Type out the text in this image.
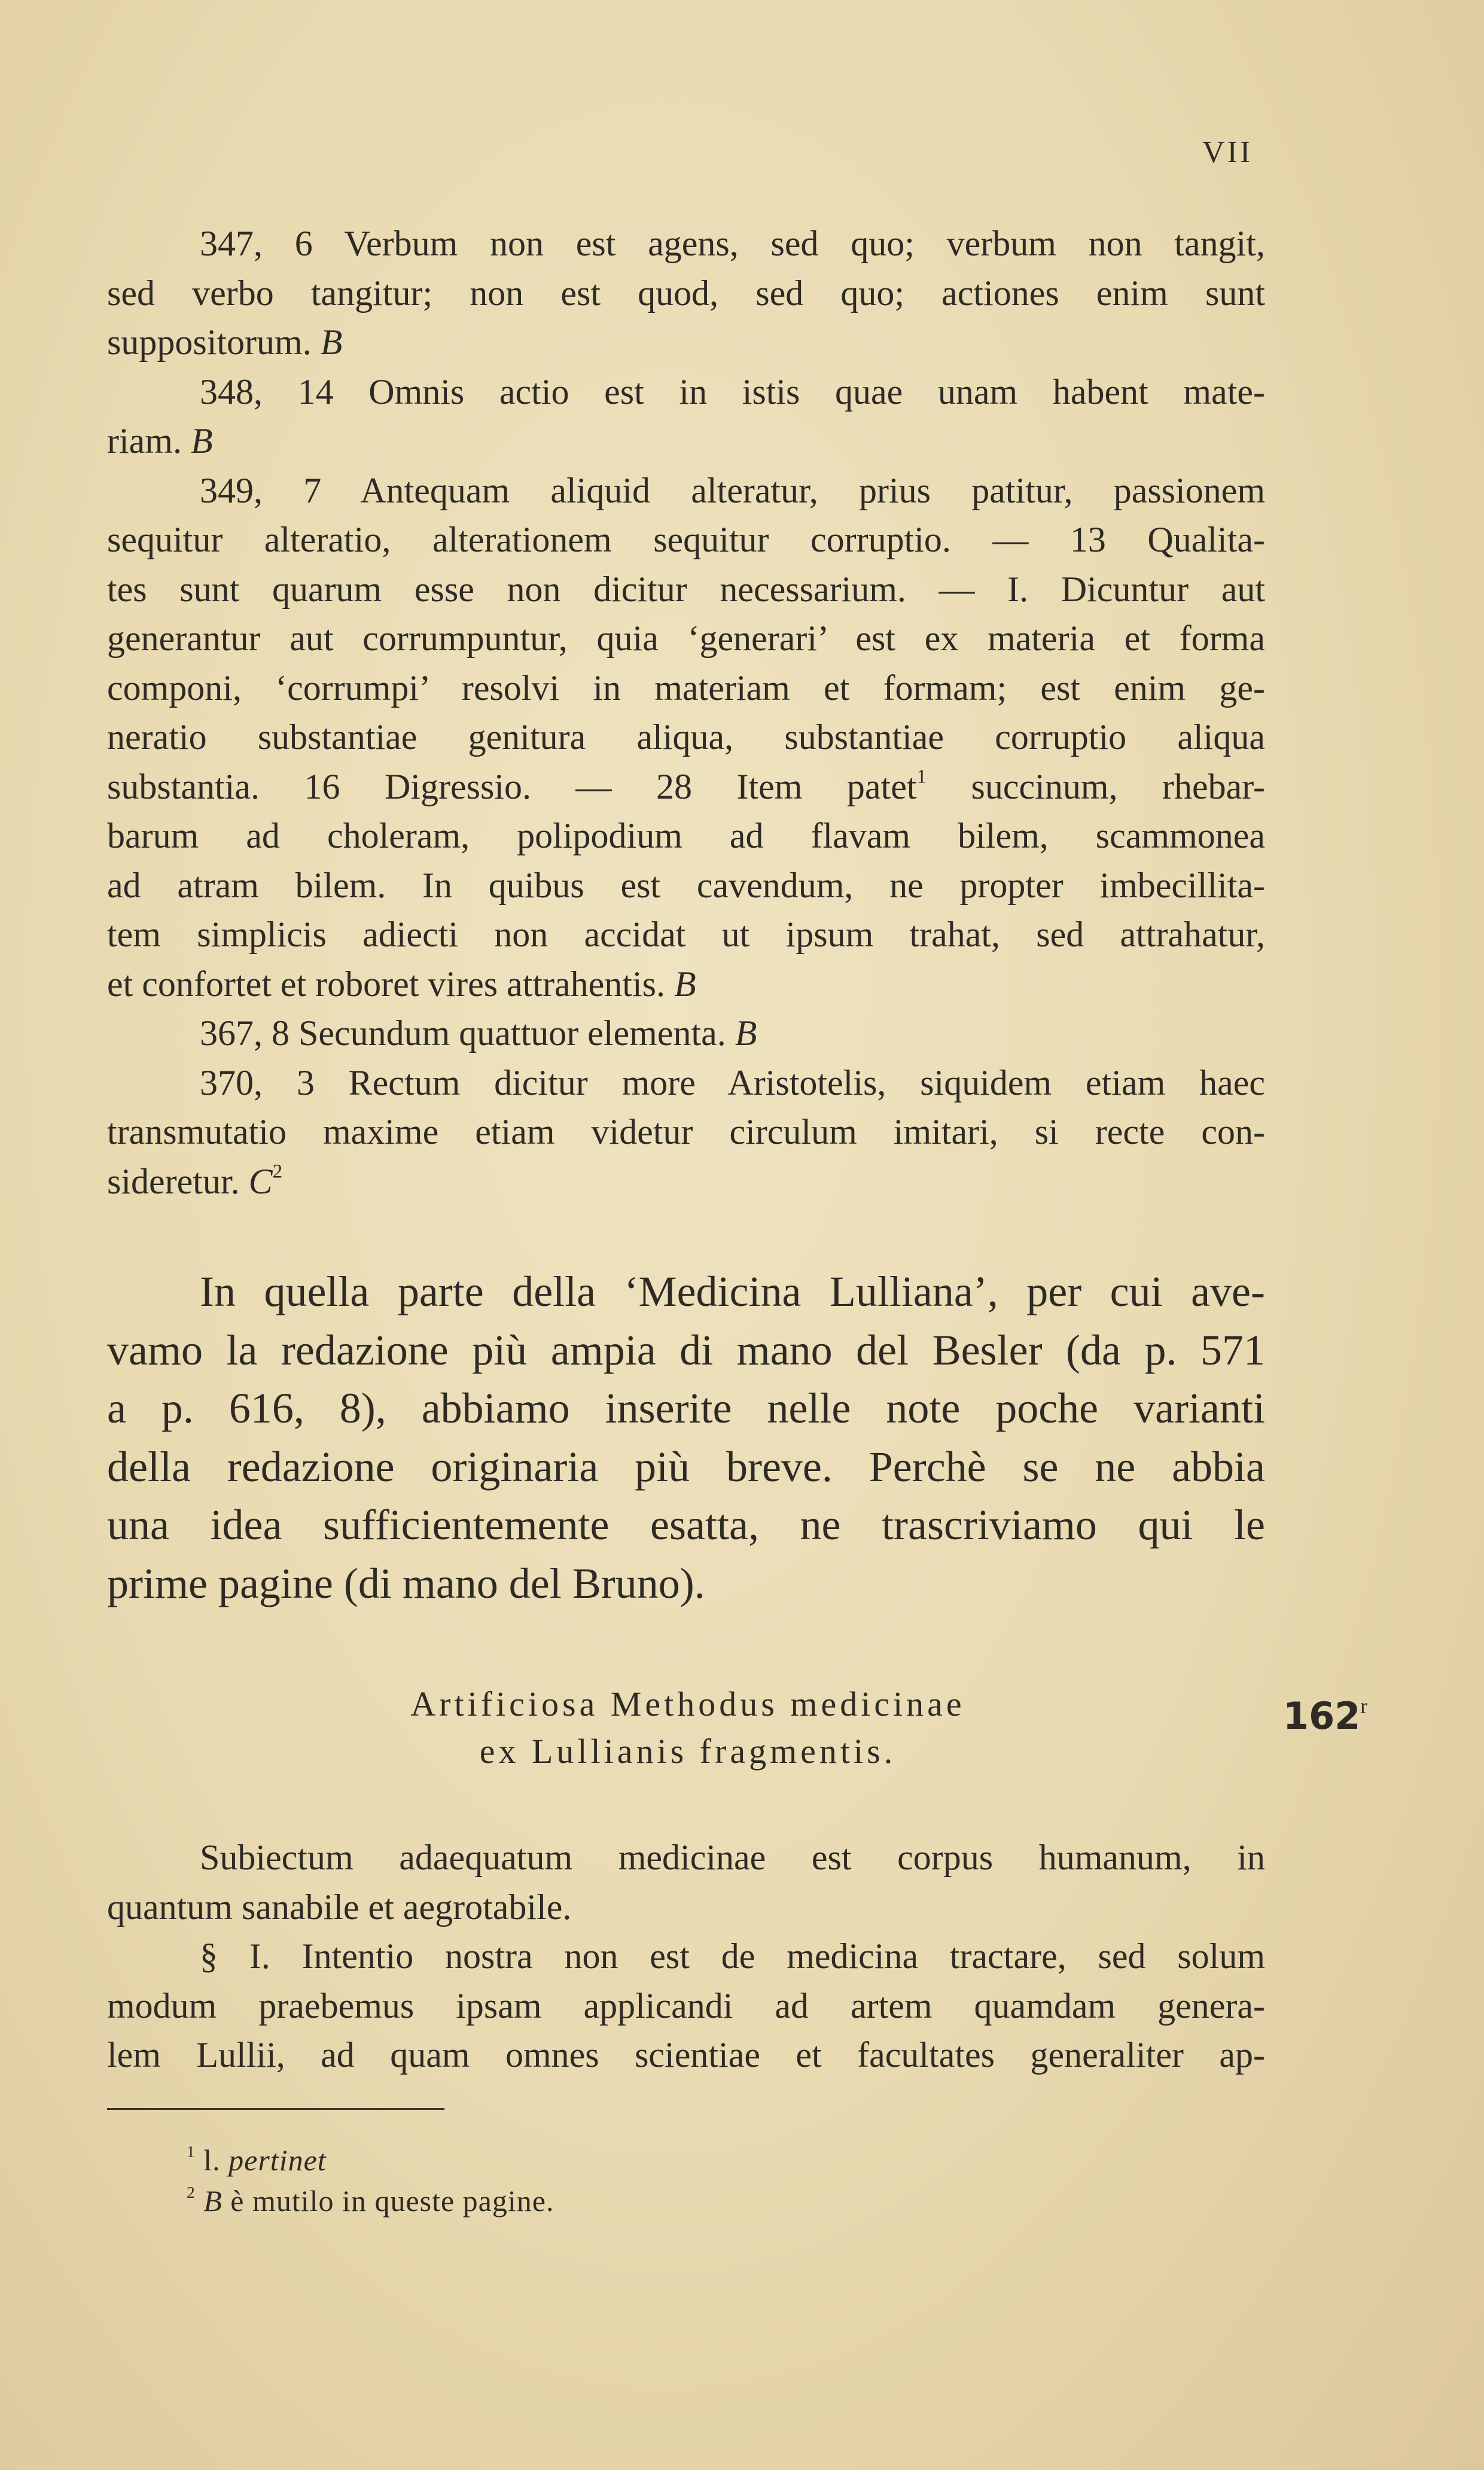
VII
347, 6 Verbum non est agens, sed quo; verbum non tangit,
sed verbo tangitur; non est quod, sed quo; actiones enim sunt
suppositorum. B
348, 14 Omnis actio est in istis quae unam habent mate-
riam. B
349, 7 Antequam aliquid alteratur, prius patitur, passionem
sequitur alteratio, alterationem sequitur corruptio. — 13 Qualita-
tes sunt quarum esse non dicitur necessarium. — I. Dicuntur aut
generantur aut corrumpuntur, quia ‘generari’ est ex materia et forma
componi, ‘corrumpi’ resolvi in materiam et formam; est enim ge-
neratio substantiae genitura aliqua, substantiae corruptio aliqua
substantia. 16 Digressio. — 28 Item patet$^1$ succinum, rhebar-
barum ad choleram, polipodium ad flavam bilem, scammonea
ad atram bilem. In quibus est cavendum, ne propter imbecillita-
tem simplicis adiecti non accidat ut ipsum trahat, sed attrahatur,
et confortet et roboret vires attrahentis. B
367, 8 Secundum quattuor elementa. B
370, 3 Rectum dicitur more Aristotelis, siquidem etiam haec
transmutatio maxime etiam videtur circulum imitari, si recte con-
sideretur. $C^2$
In quella parte della ‘Medicina Lulliana’, per cui ave-
vamo la redazione più ampia di mano del Besler (da p. 571
a p. 616, 8), abbiamo inserite nelle note poche varianti
della redazione originaria più breve. Perchè se ne abbia
una idea sufficientemente esatta, ne trascriviamo qui le
prime pagine (di mano del Bruno).
Artificiosa Methodus medicinae
ex Lullianis fragmentis.
162$^r$
Subiectum adaequatum medicinae est corpus humanum, in
quantum sanabile et aegrotabile.
§ I. Intentio nostra non est de medicina tractare, sed solum
modum praebemus ipsam applicandi ad artem quamdam genera-
lem Lullii, ad quam omnes scientiae et facultates generaliter ap-
$^1$ l. pertinet
$^2$ B è mutilo in queste pagine.
